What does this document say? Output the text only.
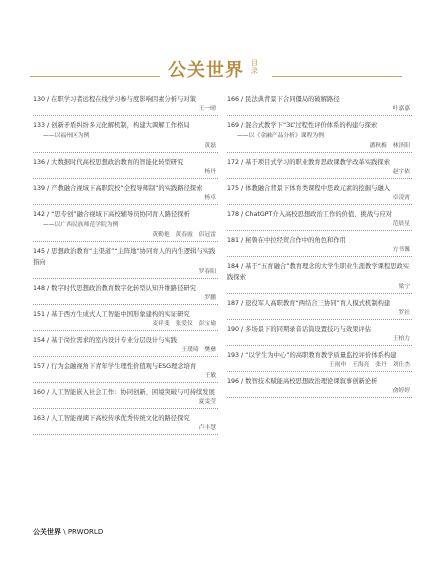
公关世界 目录
130 / 在职学习者远程在线学习参与度影响因素分析与对策
王一晴
133 / 创新矛盾纠纷多元化解机制，构建大调解工作格局
——以福州区为例
黄磊
136 / 大数据时代高校思想政治教育的智能化转型研究
杨丹
139 / 产教融合视域下高职院校“全程导师制”的实践路径探索
杨卓
142 / “思专创”融合视域下高校辅导员协同育人路径探析
——以广西民族师范学院为例
黄勤艳　黄春霞　侣冠雷
145 / 思想政治教育“主渠道”“主阵地”协同育人的内生逻辑与实践指向
罗春阳
148 / 数字时代思想政治教育数字化转型认知升维路径研究
罗鹏
151 / 基于西方生成式人工智能中国形象建构的实证研究
麦祥斐　张爱仪　彭宝瑜
154 / 基于岗位需求的室内设计专业分层设计与实践
王璞琦　樊彝
157 / 行为金融视角下青年学生理性价值观与ESG理念培育
王敏
160 / 人工智能嵌入社会工作：协同创新、困境突破与可持续发展
夏雯莹
163 / 人工智能视阈下高校传承优秀传统文化的路径探究
卢丰慧
166 / 民法典背景下合同僵局的破解路径
叶嘉嘉
169 / 混合式教学下“3L”过程性评价体系的构建与探索
——以《金融产品分析》课程为例
潘秋梅　林泽阳
172 / 基于项目式学习的职业教育思政课教学改革实践探索
赵宇依
175 / 体教融合背景下体育类课程中思政元素的挖掘与融入
卓凌霄
178 / ChatGPT介入高校思想政治工作的价值、挑战与应对
范晨星
181 / 秘鲁在中拉经贸合作中的角色和作用
方书馨
184 / 基于“五育融合”教育理念的大学生职业生涯教学课程思政实践探索
梁宁
187 / 退役军人高职教育“两结合三协同”育人模式机制构建
罗社
190 / 多场景下的同期录音话筒设置技巧与效果评估
王柏力
193 / “以学生为中心”的高职教育教学质量监控评价体系构建
王雨申　王海亮　张丹　刘仕杰
196 / 数智技术赋能高校思想政治理论课叙事创新论析
俞婷婷
公关世界 \ PRWORLD
